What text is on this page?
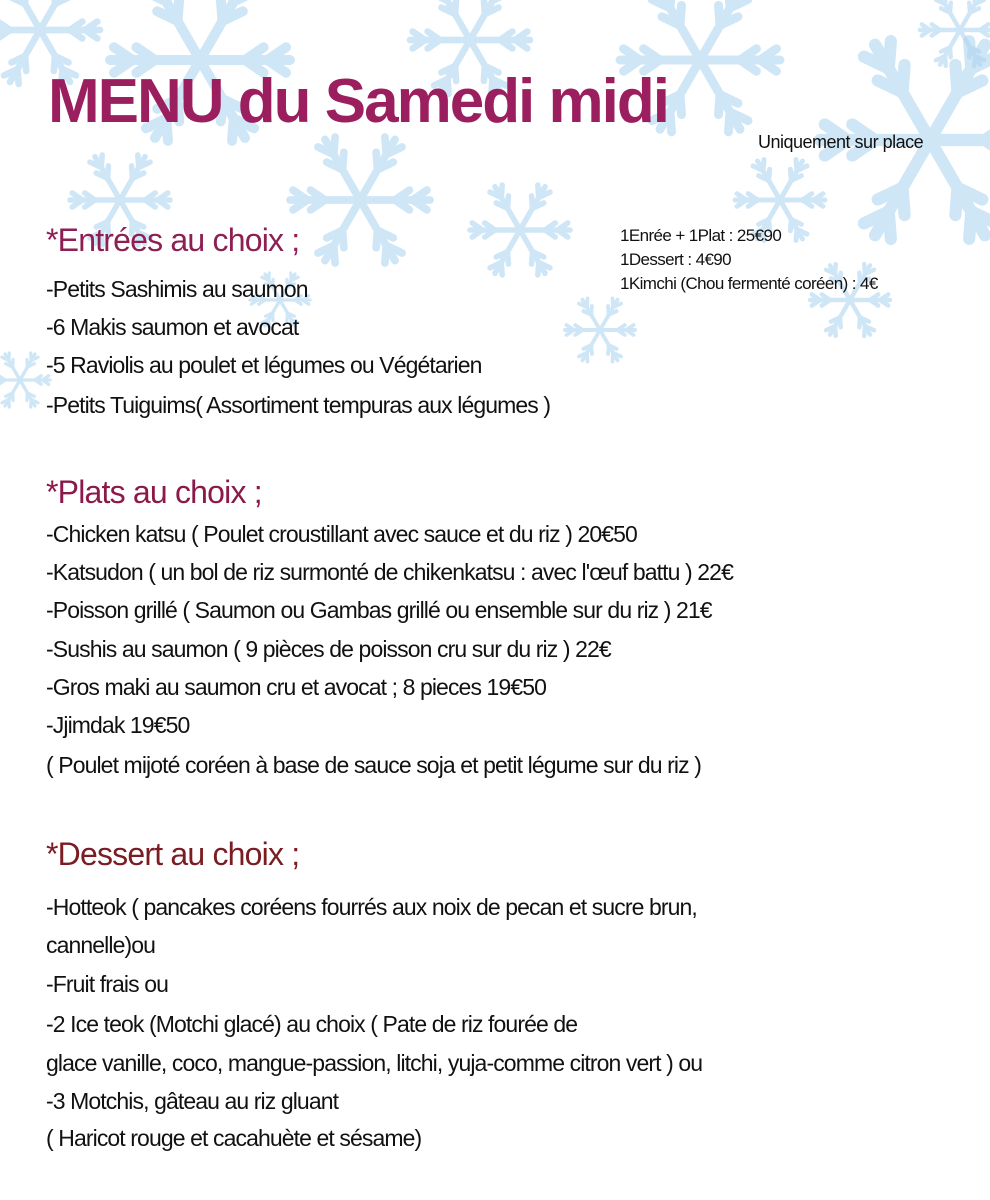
MENU du Samedi midi
Uniquement sur place
1Enrée + 1Plat : 25€90
1Dessert : 4€90
1Kimchi (Chou fermenté coréen) : 4€
*Entrées au choix ;
-Petits Sashimis au saumon
-6 Makis saumon et avocat
-5 Raviolis au poulet et légumes ou Végétarien
-Petits Tuiguims( Assortiment tempuras aux légumes )
*Plats au choix ;
-Chicken katsu ( Poulet croustillant avec sauce et du riz ) 20€50
-Katsudon ( un bol de riz surmonté de chikenkatsu : avec l'œuf battu ) 22€
-Poisson grillé ( Saumon ou Gambas grillé ou ensemble sur du riz ) 21€
-Sushis au saumon ( 9 pièces de poisson cru sur du riz ) 22€
-Gros maki au saumon cru et avocat ; 8 pieces 19€50
-Jjimdak 19€50
( Poulet mijoté coréen à base de sauce soja et petit légume sur du riz )
*Dessert au choix ;
-Hotteok ( pancakes coréens fourrés aux noix de pecan et sucre brun,
cannelle)ou
-Fruit frais ou
-2 Ice teok (Motchi glacé) au choix ( Pate de riz fourée de
glace vanille, coco, mangue-passion, litchi, yuja-comme citron vert ) ou
-3 Motchis, gâteau au riz gluant
( Haricot rouge et cacahuète et sésame)
